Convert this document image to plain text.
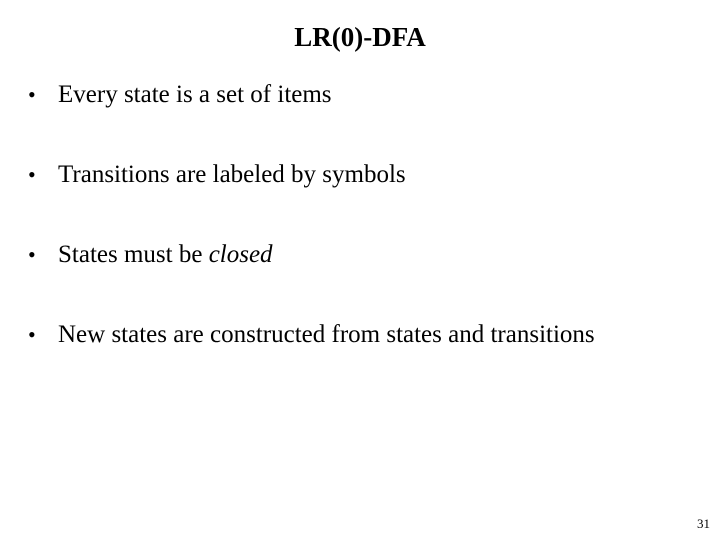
LR(0)-DFA
• Every state is a set of items
• Transitions are labeled by symbols
• States must be closed
• New states are constructed from states and transitions
31
